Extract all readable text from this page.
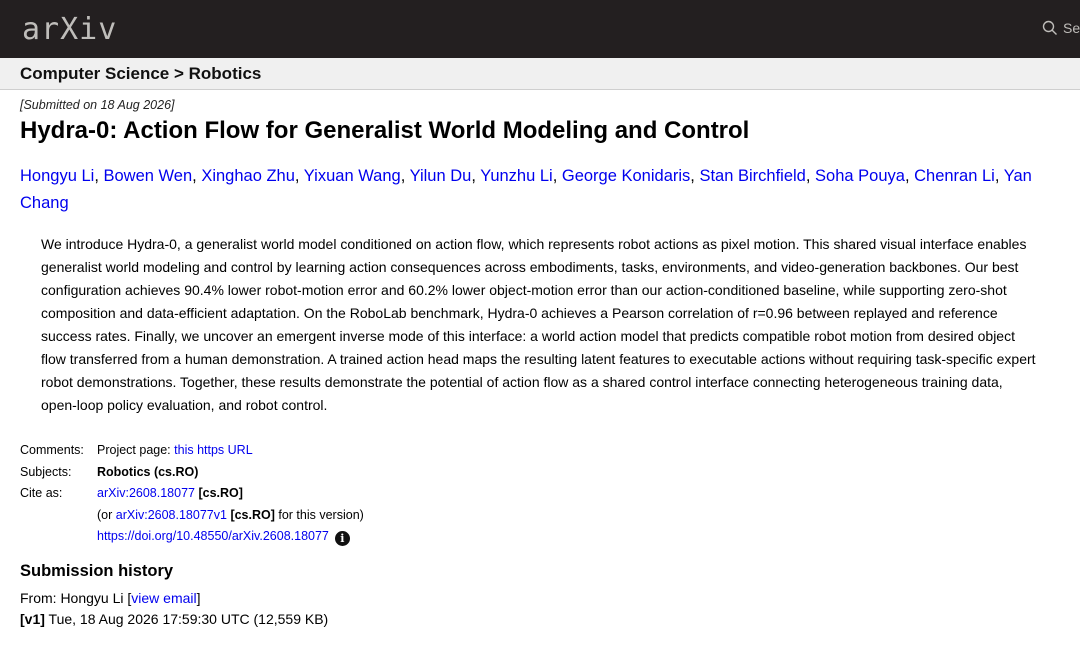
arXiv	Se
Computer Science > Robotics
[Submitted on 18 Aug 2026]
Hydra-0: Action Flow for Generalist World Modeling and Control
Hongyu Li, Bowen Wen, Xinghao Zhu, Yixuan Wang, Yilun Du, Yunzhu Li, George Konidaris, Stan Birchfield, Soha Pouya, Chenran Li, Yan
Chang

We introduce Hydra-0, a generalist world model conditioned on action flow, which represents robot actions as pixel motion. This shared visual interface enables generalist world modeling and control by learning action consequences across embodiments, tasks, environments, and video-generation backbones. Our best configuration achieves 90.4% lower robot-motion error and 60.2% lower object-motion error than our action-conditioned baseline, while supporting zero-shot composition and data-efficient adaptation. On the RoboLab benchmark, Hydra-0 achieves a Pearson correlation of r=0.96 between replayed and reference success rates. Finally, we uncover an emergent inverse mode of this interface: a world action model that predicts compatible robot motion from desired object flow transferred from a human demonstration. A trained action head maps the resulting latent features to executable actions without requiring task-specific expert robot demonstrations. Together, these results demonstrate the potential of action flow as a shared control interface connecting heterogeneous training data, open-loop policy evaluation, and robot control.

Comments:	Project page: this https URL
Subjects:	Robotics (cs.RO)
Cite as:	arXiv:2608.18077 [cs.RO]
(or arXiv:2608.18077v1 [cs.RO] for this version)
https://doi.org/10.48550/arXiv.2608.18077 i
Submission history
From: Hongyu Li [view email]
[v1] Tue, 18 Aug 2026 17:59:30 UTC (12,559 KB)
